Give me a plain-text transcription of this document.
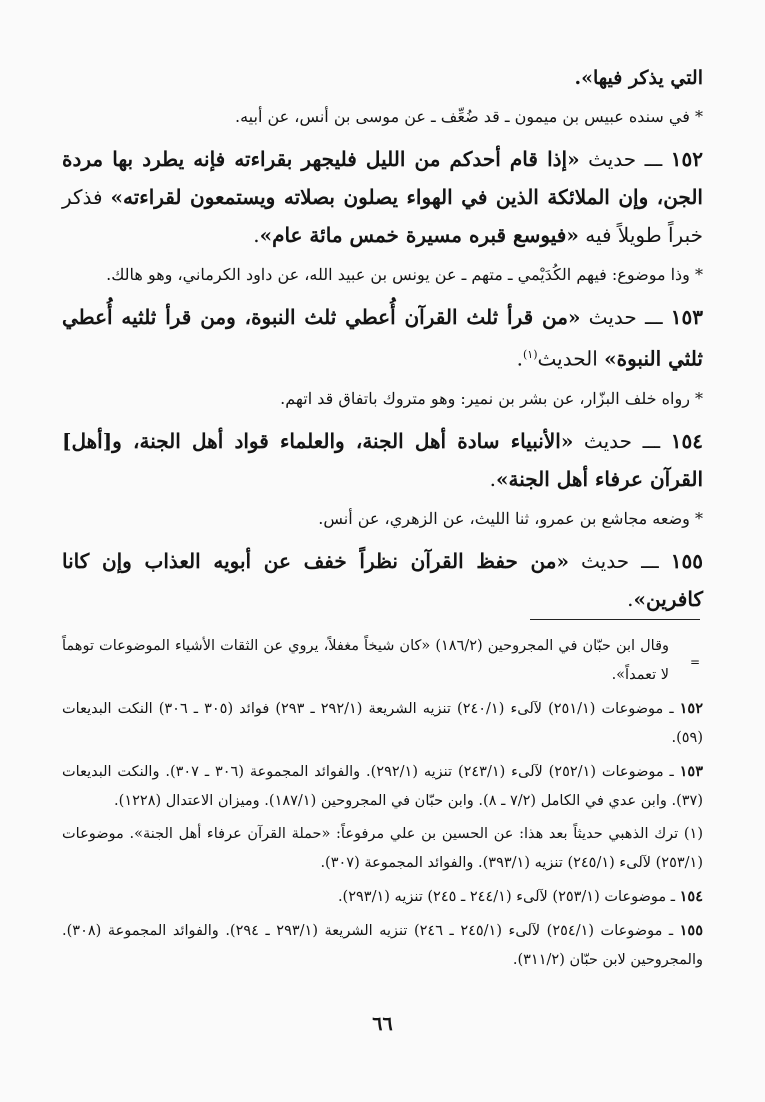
التي يذكر فيها».

* في سنده عبيس بن ميمون ـ قد ضُعِّف ـ عن موسى بن أنس، عن أبيه.

١٥٢ ـــ حديث «إذا قام أحدكم من الليل فليجهر بقراءته فإنه يطرد بها مردة الجن، وإن الملائكة الذين في الهواء يصلون بصلاته ويستمعون لقراءته» فذكر خبراً طويلاً فيه «فيوسع قبره مسيرة خمس مائة عام».

* وذا موضوع: فيهم الكُدَيْمي ـ متهم ـ عن يونس بن عبيد الله، عن داود الكرماني، وهو هالك.

١٥٣ ـــ حديث «من قرأ ثلث القرآن أُعطي ثلث النبوة، ومن قرأ ثلثيه أُعطي ثلثي النبوة» الحديث$^{(١)}$.

* رواه خلف البزّار، عن بشر بن نمير: وهو متروك باتفاق قد اتهم.

١٥٤ ـــ حديث «الأنبياء سادة أهل الجنة، والعلماء قواد أهل الجنة، و[أهل] القرآن عرفاء أهل الجنة».

* وضعه مجاشع بن عمرو، ثنا الليث، عن الزهري، عن أنس.

١٥٥ ـــ حديث «من حفظ القرآن نظراً خفف عن أبويه العذاب وإن كانا كافرين».

=

وقال ابن حبّان في المجروحين (١٨٦/٢) «كان شيخاً مغفلاً، يروي عن الثقات الأشياء الموضوعات توهماً لا تعمداً».

١٥٢ ـ موضوعات (٢٥١/١) لآلىء (٢٤٠/١) تنزيه الشريعة (٢٩٢/١ ـ ٢٩٣) فوائد (٣٠٥ ـ ٣٠٦) النكت البديعات (٥٩).

١٥٣ ـ موضوعات (٢٥٢/١) لآلىء (٢٤٣/١) تنزيه (٢٩٢/١). والفوائد المجموعة (٣٠٦ ـ ٣٠٧). والنكت البديعات (٣٧). وابن عدي في الكامل (٧/٢ ـ ٨). وابن حبّان في المجروحين (١٨٧/١). وميزان الاعتدال (١٢٢٨).

(١) ترك الذهبي حديثاً بعد هذا: عن الحسين بن علي مرفوعاً: «حملة القرآن عرفاء أهل الجنة». موضوعات (٢٥٣/١) لآلىء (٢٤٥/١) تنزيه (٣٩٣/١). والفوائد المجموعة (٣٠٧).

١٥٤ ـ موضوعات (٢٥٣/١) لآلىء (٢٤٤/١ ـ ٢٤٥) تنزيه (٢٩٣/١).

١٥٥ ـ موضوعات (٢٥٤/١) لآلىء (٢٤٥/١ ـ ٢٤٦) تنزيه الشريعة (٢٩٣/١ ـ ٢٩٤). والفوائد المجموعة (٣٠٨). والمجروحين لابن حبّان (٣١١/٢).

٦٦
